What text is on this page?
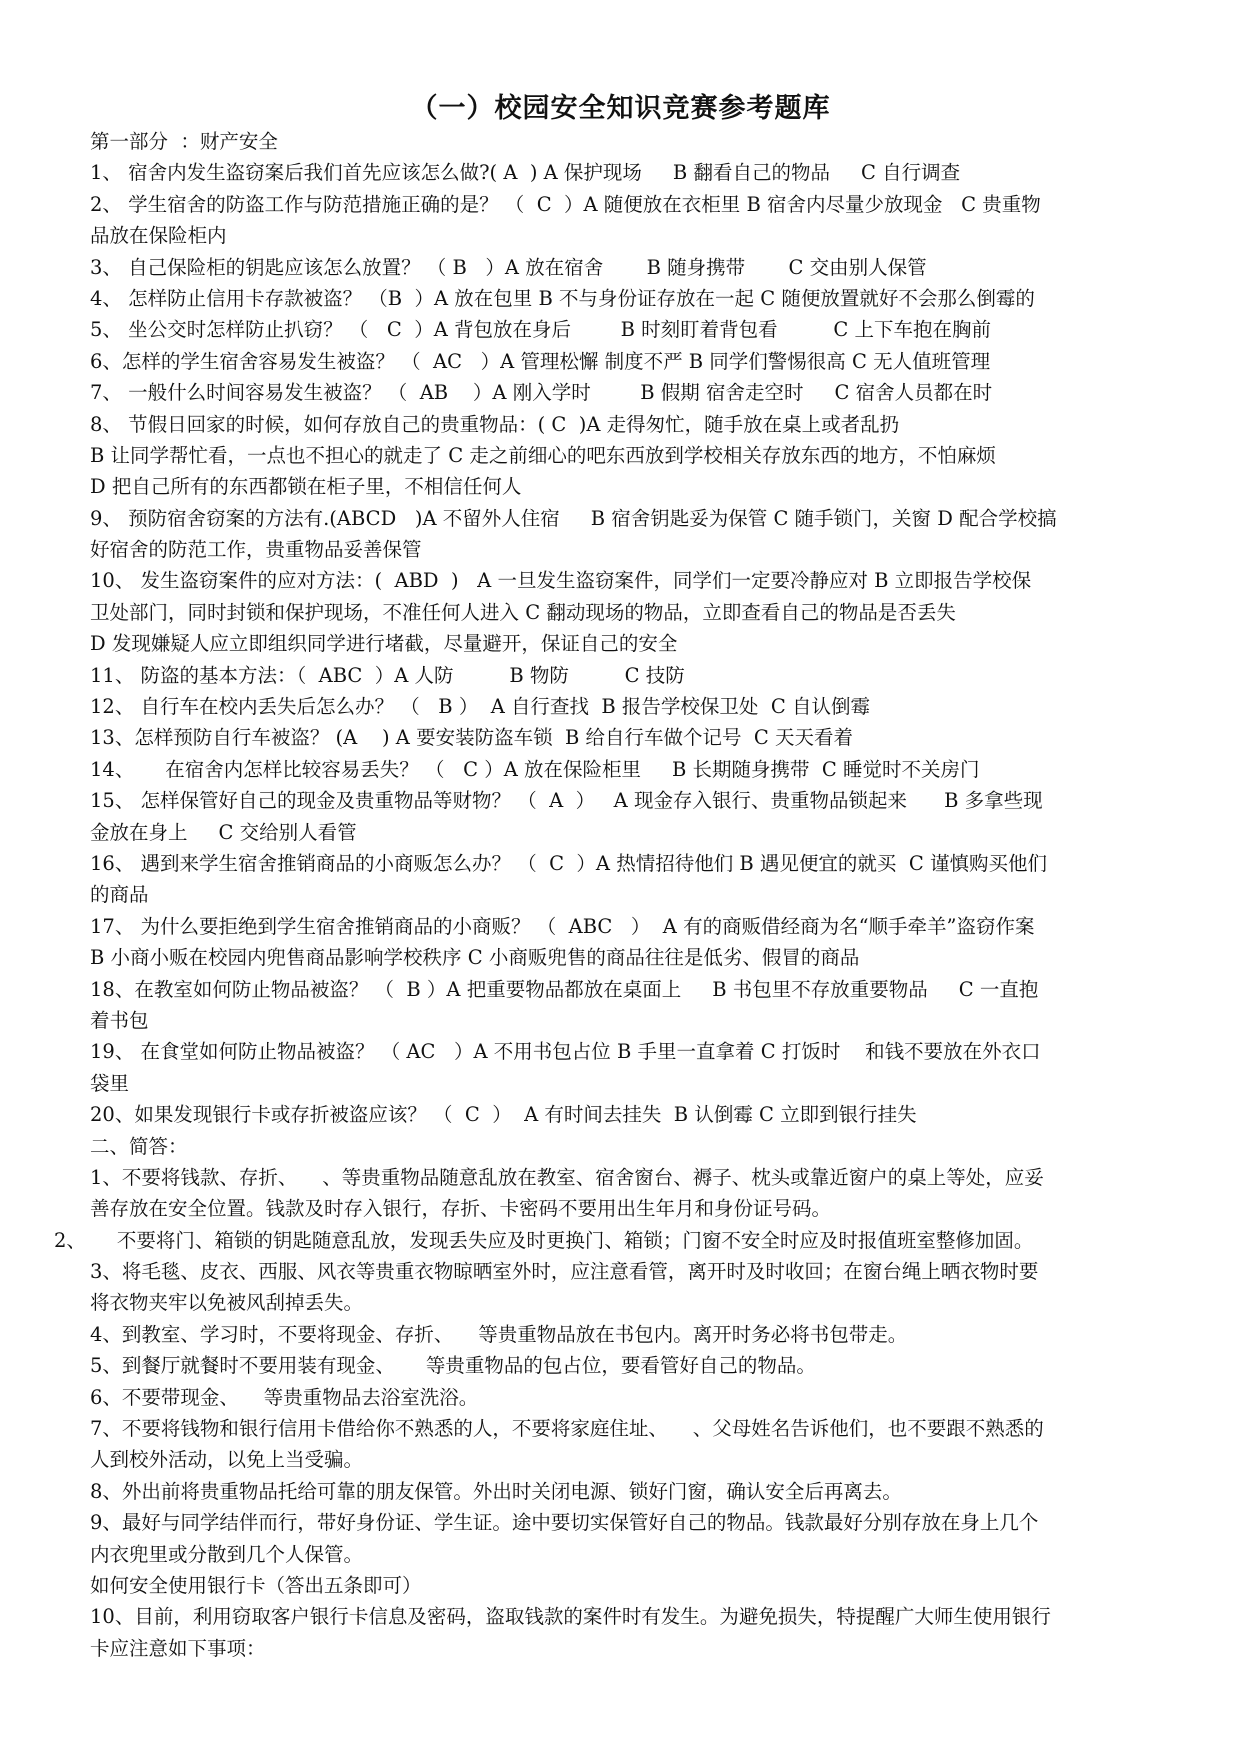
（一）校园安全知识竞赛参考题库
第一部分  ：财产安全
1、 宿舍内发生盗窃案后我们首先应该怎么做?( A  ) A 保护现场     B 翻看自己的物品     C 自行调查
2、 学生宿舍的防盗工作与防范措施正确的是？ （  C  ）A 随便放在衣柜里 B 宿舍内尽量少放现金   C 贵重物
品放在保险柜内
3、 自己保险柜的钥匙应该怎么放置？ （ B   ）A 放在宿舍       B 随身携带       C 交由别人保管
4、 怎样防止信用卡存款被盗？ （B  ）A 放在包里 B 不与身份证存放在一起 C 随便放置就好不会那么倒霉的
5、 坐公交时怎样防止扒窃？ （   C  ）A 背包放在身后        B 时刻盯着背包看         C 上下车抱在胸前
6、怎样的学生宿舍容易发生被盗？ （  AC   ）A 管理松懈 制度不严 B 同学们警惕很高 C 无人值班管理
7、 一般什么时间容易发生被盗？ （  AB    ）A 刚入学时        B 假期 宿舍走空时     C 宿舍人员都在时
8、 节假日回家的时候，如何存放自己的贵重物品：( C  )A 走得匆忙，随手放在桌上或者乱扔
B 让同学帮忙看，一点也不担心的就走了 C 走之前细心的吧东西放到学校相关存放东西的地方，不怕麻烦
D 把自己所有的东西都锁在柜子里，不相信任何人
9、 预防宿舍窃案的方法有.(ABCD   )A 不留外人住宿     B 宿舍钥匙妥为保管 C 随手锁门，关窗 D 配合学校搞
好宿舍的防范工作，贵重物品妥善保管
10、 发生盗窃案件的应对方法：(  ABD  )   A 一旦发生盗窃案件，同学们一定要冷静应对 B 立即报告学校保
卫处部门，同时封锁和保护现场，不准任何人进入 C 翻动现场的物品，立即查看自己的物品是否丢失
D 发现嫌疑人应立即组织同学进行堵截，尽量避开，保证自己的安全
11、 防盗的基本方法：（  ABC  ）A 人防         B 物防         C 技防
12、 自行车在校内丢失后怎么办？ （   B ）  A 自行查找  B 报告学校保卫处  C 自认倒霉
13、怎样预防自行车被盗？ (A    ) A 要安装防盗车锁  B 给自行车做个记号  C 天天看着
14、     在宿舍内怎样比较容易丢失？ （   C ）A 放在保险柜里     B 长期随身携带  C 睡觉时不关房门
15、 怎样保管好自己的现金及贵重物品等财物？ （  A  ）   A 现金存入银行、贵重物品锁起来      B 多拿些现
金放在身上     C 交给别人看管
16、 遇到来学生宿舍推销商品的小商贩怎么办？ （  C  ）A 热情招待他们 B 遇见便宜的就买  C 谨慎购买他们
的商品
17、 为什么要拒绝到学生宿舍推销商品的小商贩？ （  ABC   ）  A 有的商贩借经商为名“顺手牵羊”盗窃作案
B 小商小贩在校园内兜售商品影响学校秩序 C 小商贩兜售的商品往往是低劣、假冒的商品
18、在教室如何防止物品被盗？ （  B ）A 把重要物品都放在桌面上     B 书包里不存放重要物品     C 一直抱
着书包
19、 在食堂如何防止物品被盗？ （ AC   ）A 不用书包占位 B 手里一直拿着 C 打饭时    和钱不要放在外衣口
袋里
20、如果发现银行卡或存折被盗应该？ （  C  ）  A 有时间去挂失  B 认倒霉 C 立即到银行挂失
二、简答：
1、不要将钱款、存折、    、等贵重物品随意乱放在教室、宿舍窗台、褥子、枕头或靠近窗户的桌上等处，应妥
善存放在安全位置。钱款及时存入银行，存折、卡密码不要用出生年月和身份证号码。
2、     不要将门、箱锁的钥匙随意乱放，发现丢失应及时更换门、箱锁；门窗不安全时应及时报值班室整修加固。
3、将毛毯、皮衣、西服、风衣等贵重衣物晾晒室外时，应注意看管，离开时及时收回；在窗台绳上晒衣物时要
将衣物夹牢以免被风刮掉丢失。
4、到教室、学习时，不要将现金、存折、    等贵重物品放在书包内。离开时务必将书包带走。
5、到餐厅就餐时不要用装有现金、     等贵重物品的包占位，要看管好自己的物品。
6、不要带现金、    等贵重物品去浴室洗浴。
7、不要将钱物和银行信用卡借给你不熟悉的人，不要将家庭住址、    、父母姓名告诉他们，也不要跟不熟悉的
人到校外活动，以免上当受骗。
8、外出前将贵重物品托给可靠的朋友保管。外出时关闭电源、锁好门窗，确认安全后再离去。
9、最好与同学结伴而行，带好身份证、学生证。途中要切实保管好自己的物品。钱款最好分别存放在身上几个
内衣兜里或分散到几个人保管。
如何安全使用银行卡（答出五条即可）
10、目前，利用窃取客户银行卡信息及密码，盗取钱款的案件时有发生。为避免损失，特提醒广大师生使用银行
卡应注意如下事项：
